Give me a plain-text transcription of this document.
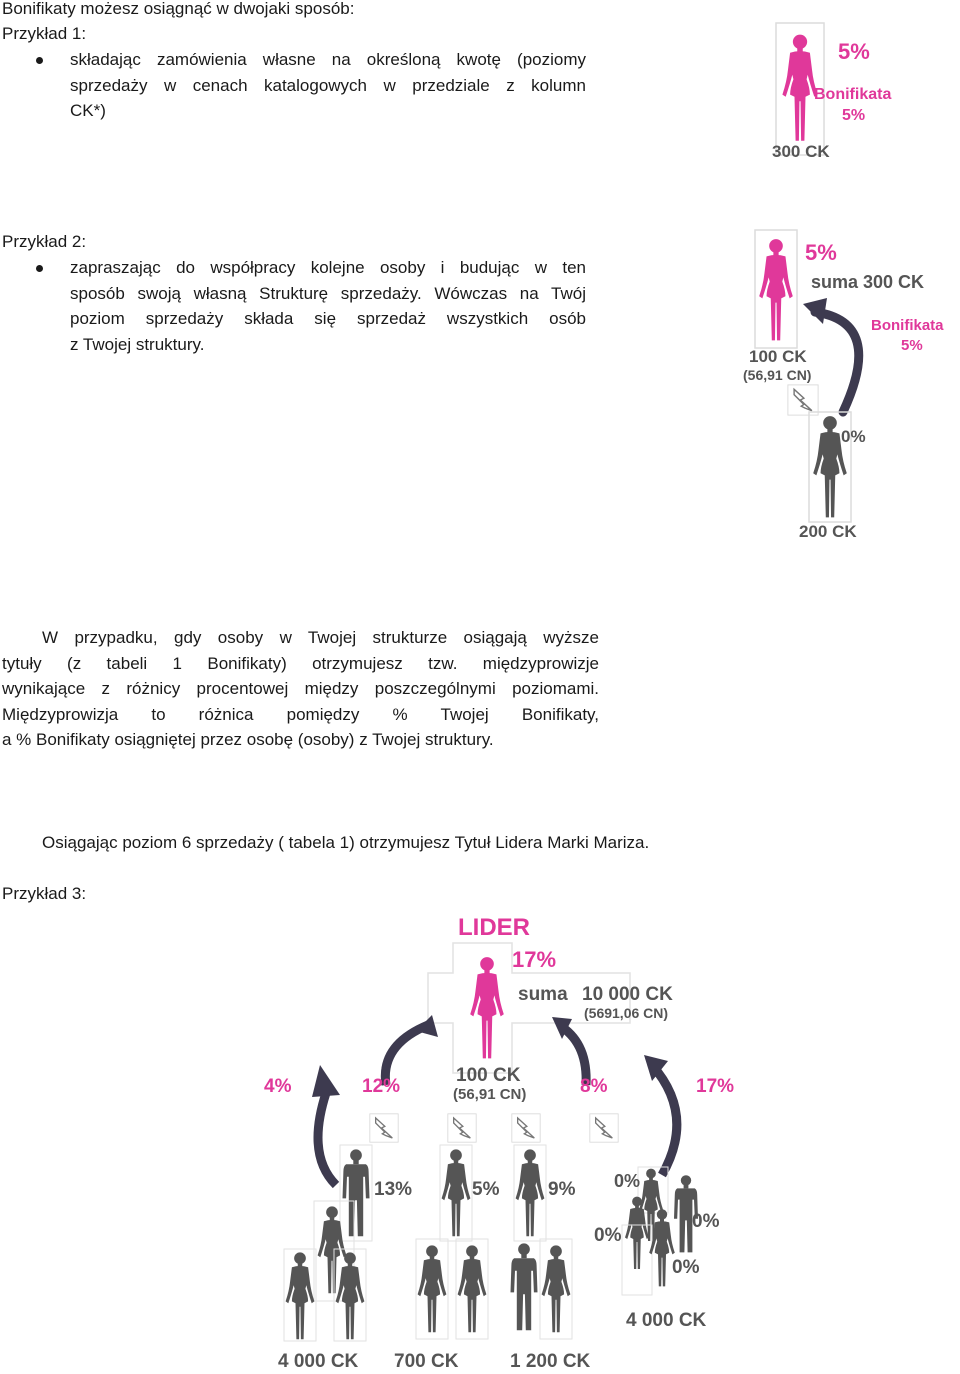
Bonifikaty możesz osiągnąć w dwojaki sposób:
Przykład 1:
składając zamówienia własne na określoną kwotę (poziomy
sprzedaży w cenach katalogowych w przedziale z kolumn
CK*)
5%
Bonifikata
5%
300 CK
Przykład 2:
zapraszając do współpracy kolejne osoby i budując w ten
sposób swoją własną Strukturę sprzedaży. Wówczas na Twój
poziom sprzedaży składa się sprzedaż wszystkich osób
z Twojej struktury.
5%
suma 300 CK
Bonifikata
5%
100 CK
(56,91 CN)
0%
200 CK
W przypadku, gdy osoby w Twojej strukturze osiągają wyższe
tytuły (z tabeli 1 Bonifikaty) otrzymujesz tzw. międzyprowizje
wynikające z różnicy procentowej między poszczególnymi poziomami.
Międzyprowizja to różnica pomiędzy % Twojej Bonifikaty,
a % Bonifikaty osiągniętej przez osobę (osoby) z Twojej struktury.
Osiągając poziom 6 sprzedaży ( tabela 1) otrzymujesz Tytuł Lidera Marki Mariza.
Przykład 3:
LIDER
17%
suma 10 000 CK
(5691,06 CN)
100 CK
(56,91 CN)
4%	12%	8%	17%
13%	5%	9% 0%
0%
0%
0%
4 000 CK
4 000 CK 700 CK	1 200 CK
